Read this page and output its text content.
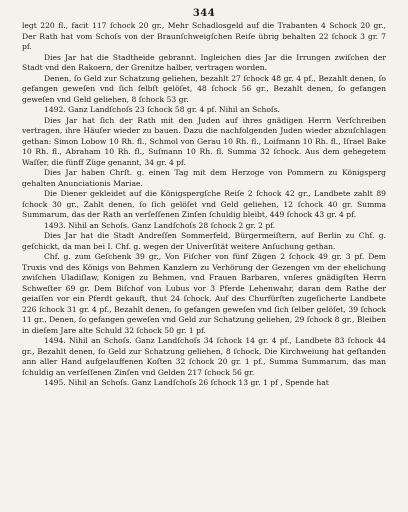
344

legt 220 fl., facit 117 ſchock 20 gr., Mehr Schadlosgeld auf die Trabanten 4 Schock 20 gr., Der Rath hat vom Schoſs von der Braunſchweigſchen Reiſe übrig behalten 22 ſchock 3 gr. 7 pf.

Dies Jar hat die Stadtheide gebrannt. Ingleichen dies Jar die Irrungen zwiſchen der Stadt vnd den Rakoern, der Grenitze halber, vertragen worden.

Denen, ſo Geld zur Schatzung geliehen, bezahlt 27 ſchock 48 gr. 4 pf., Bezahlt denen, ſo gefangen geweſen vnd ſich ſelbſt gelöſet, 48 ſchock 56 gr., Bezahlt denen, ſo gefangen geweſen vnd Geld geliehen, 8 ſchock 53 gr.

1492. Ganz Landſchoſs 23 ſchock 58 gr. 4 pf. Nihil an Schoſs.

Dies Jar hat ſich der Rath mit den Juden auf ihres gnädigen Herrn Verſchreiben vertragen, ihre Häuſer wieder zu bauen. Dazu die nachfolgenden Juden wieder abzuſchlagen gethan: Simon Lobow 10 Rh. fl., Schmol von Gerau 10 Rh. fl., Loifmann 10 Rh. fl., Iſrael Bake 10 Rh. fl., Abraham 10 Rh. fl., Suſmann 10 Rh. fl. Summa 32 ſchock. Aus dem gehegetem Waſſer, die fünff Züge genannt, 34 gr. 4 pf.

Dies Jar haben Chrſt. g. einen Tag mit dem Herzoge von Pommern zu Königsperg gehalten Anunciationis Mariae.

Die Diener gekleidet auf die Königspergſche Reiſe 2 ſchock 42 gr., Landbete zahlt 89 ſchock 30 gr., Zahlt denen, ſo ſich gelöſet vnd Geld geliehen, 12 ſchock 40 gr. Summa Summarum, das der Rath an verſeſſenen Zinſen ſchuldig bleibt, 449 ſchock 43 gr. 4 pf.

1493. Nihil an Schoſs. Ganz Landſchoſs 28 ſchock 2 gr. 2 pf.

Dies Jar hat die Stadt Andreſſen Sommerfeld, Bürgermeiſtern, auf Berlin zu Chf. g. geſchickt, da man bei I. Chf. g. wegen der Univerſität weitere Anſuchung gethan.

Chf. g. zum Geſchenk 39 gr., Von Fiſcher von fünf Zügen 2 ſchock 49 gr. 3 pf. Dem Truxis vnd des Königs von Behmen Kanzlern zu Verhörung der Gezengen vm der ehelichung zwiſchen Uladiſlaw, Konigen zu Behmen, vnd Frauen Barbaren, vnſeres gnädigſten Herrn Schweſter 69 gr. Dem Biſchof von Lubus vor 3 Pferde Lehenwahr, daran dem Rathe der geiaſſen vor ein Pferdt gekauft, thut 24 ſchock, Auf des Churfürſten zugeſicherte Landbete 226 ſchock 31 gr. 4 pf., Bezahlt denen, ſo gefangen geweſen vnd ſich ſelber gelöſet, 39 ſchock 11 gr., Denen, ſo gefangen geweſen vnd Geld zur Schatzung geliehen, 29 ſchock 8 gr., Bleiben in dieſem Jare alte Schuld 32 ſchock 50 gr. 1 pf.

1494. Nihil an Schoſs. Ganz Landſchoſs 34 ſchock 14 gr. 4 pf., Landbete 83 ſchock 44 gr., Bezahlt denen, ſo Geld zur Schatzung geliehen, 8 ſchock, Die Kirchweiung hat geſtanden ann aller Hand aufgelauffenen Koſten 32 ſchock 20 gr. 1 pf., Summa Summarum, das man ſchuldig an verſeſſenen Zinſen vnd Gelden 217 ſchock 56 gr.

1495. Nihil an Schoſs. Ganz Landſchoſs 26 ſchock 13 gr. 1 pf , Spende hat
